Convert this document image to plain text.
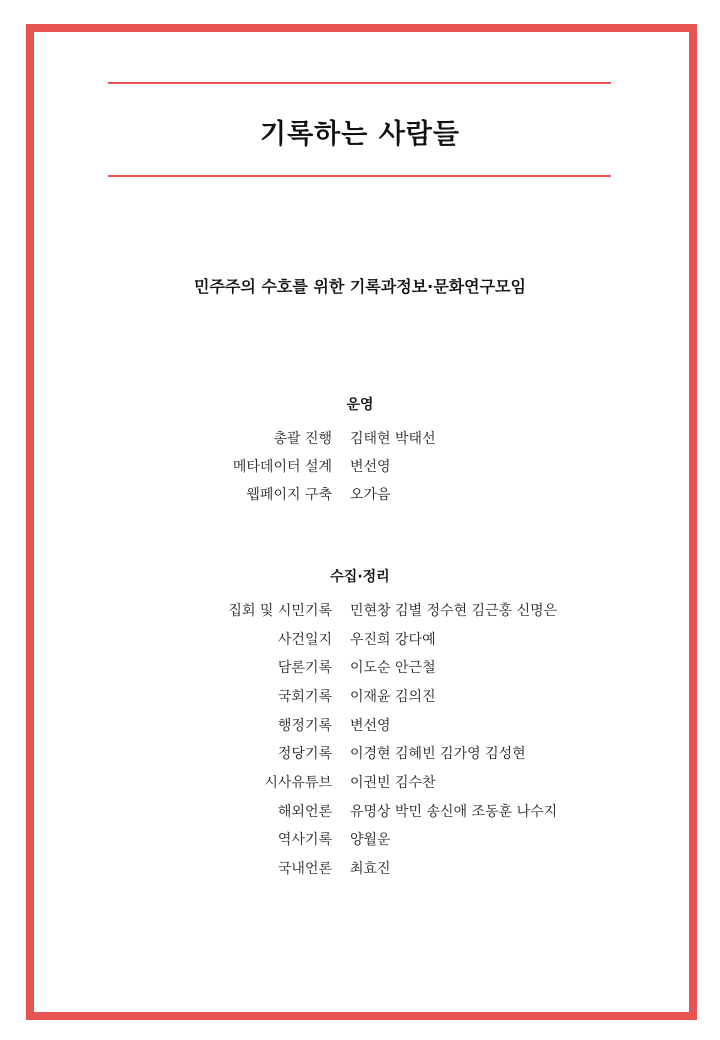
기록하는 사람들
민주주의 수호를 위한 기록과정보·문화연구모임
운영
총괄 진행 김태현 박태선
메타데이터 설계 변선영
웹페이지 구축 오가음
수집·정리
집회 및 시민기록 민현창 김별 정수현 김근홍 신명은
사건일지 우진희 강다예
담론기록 이도순 안근철
국회기록 이재윤 김의진
행정기록 변선영
정당기록 이경현 김혜빈 김가영 김성현
시사유튜브 이권빈 김수찬
해외언론 유명상 박민 송신애 조동훈 나수지
역사기록 양월운
국내언론 최효진
